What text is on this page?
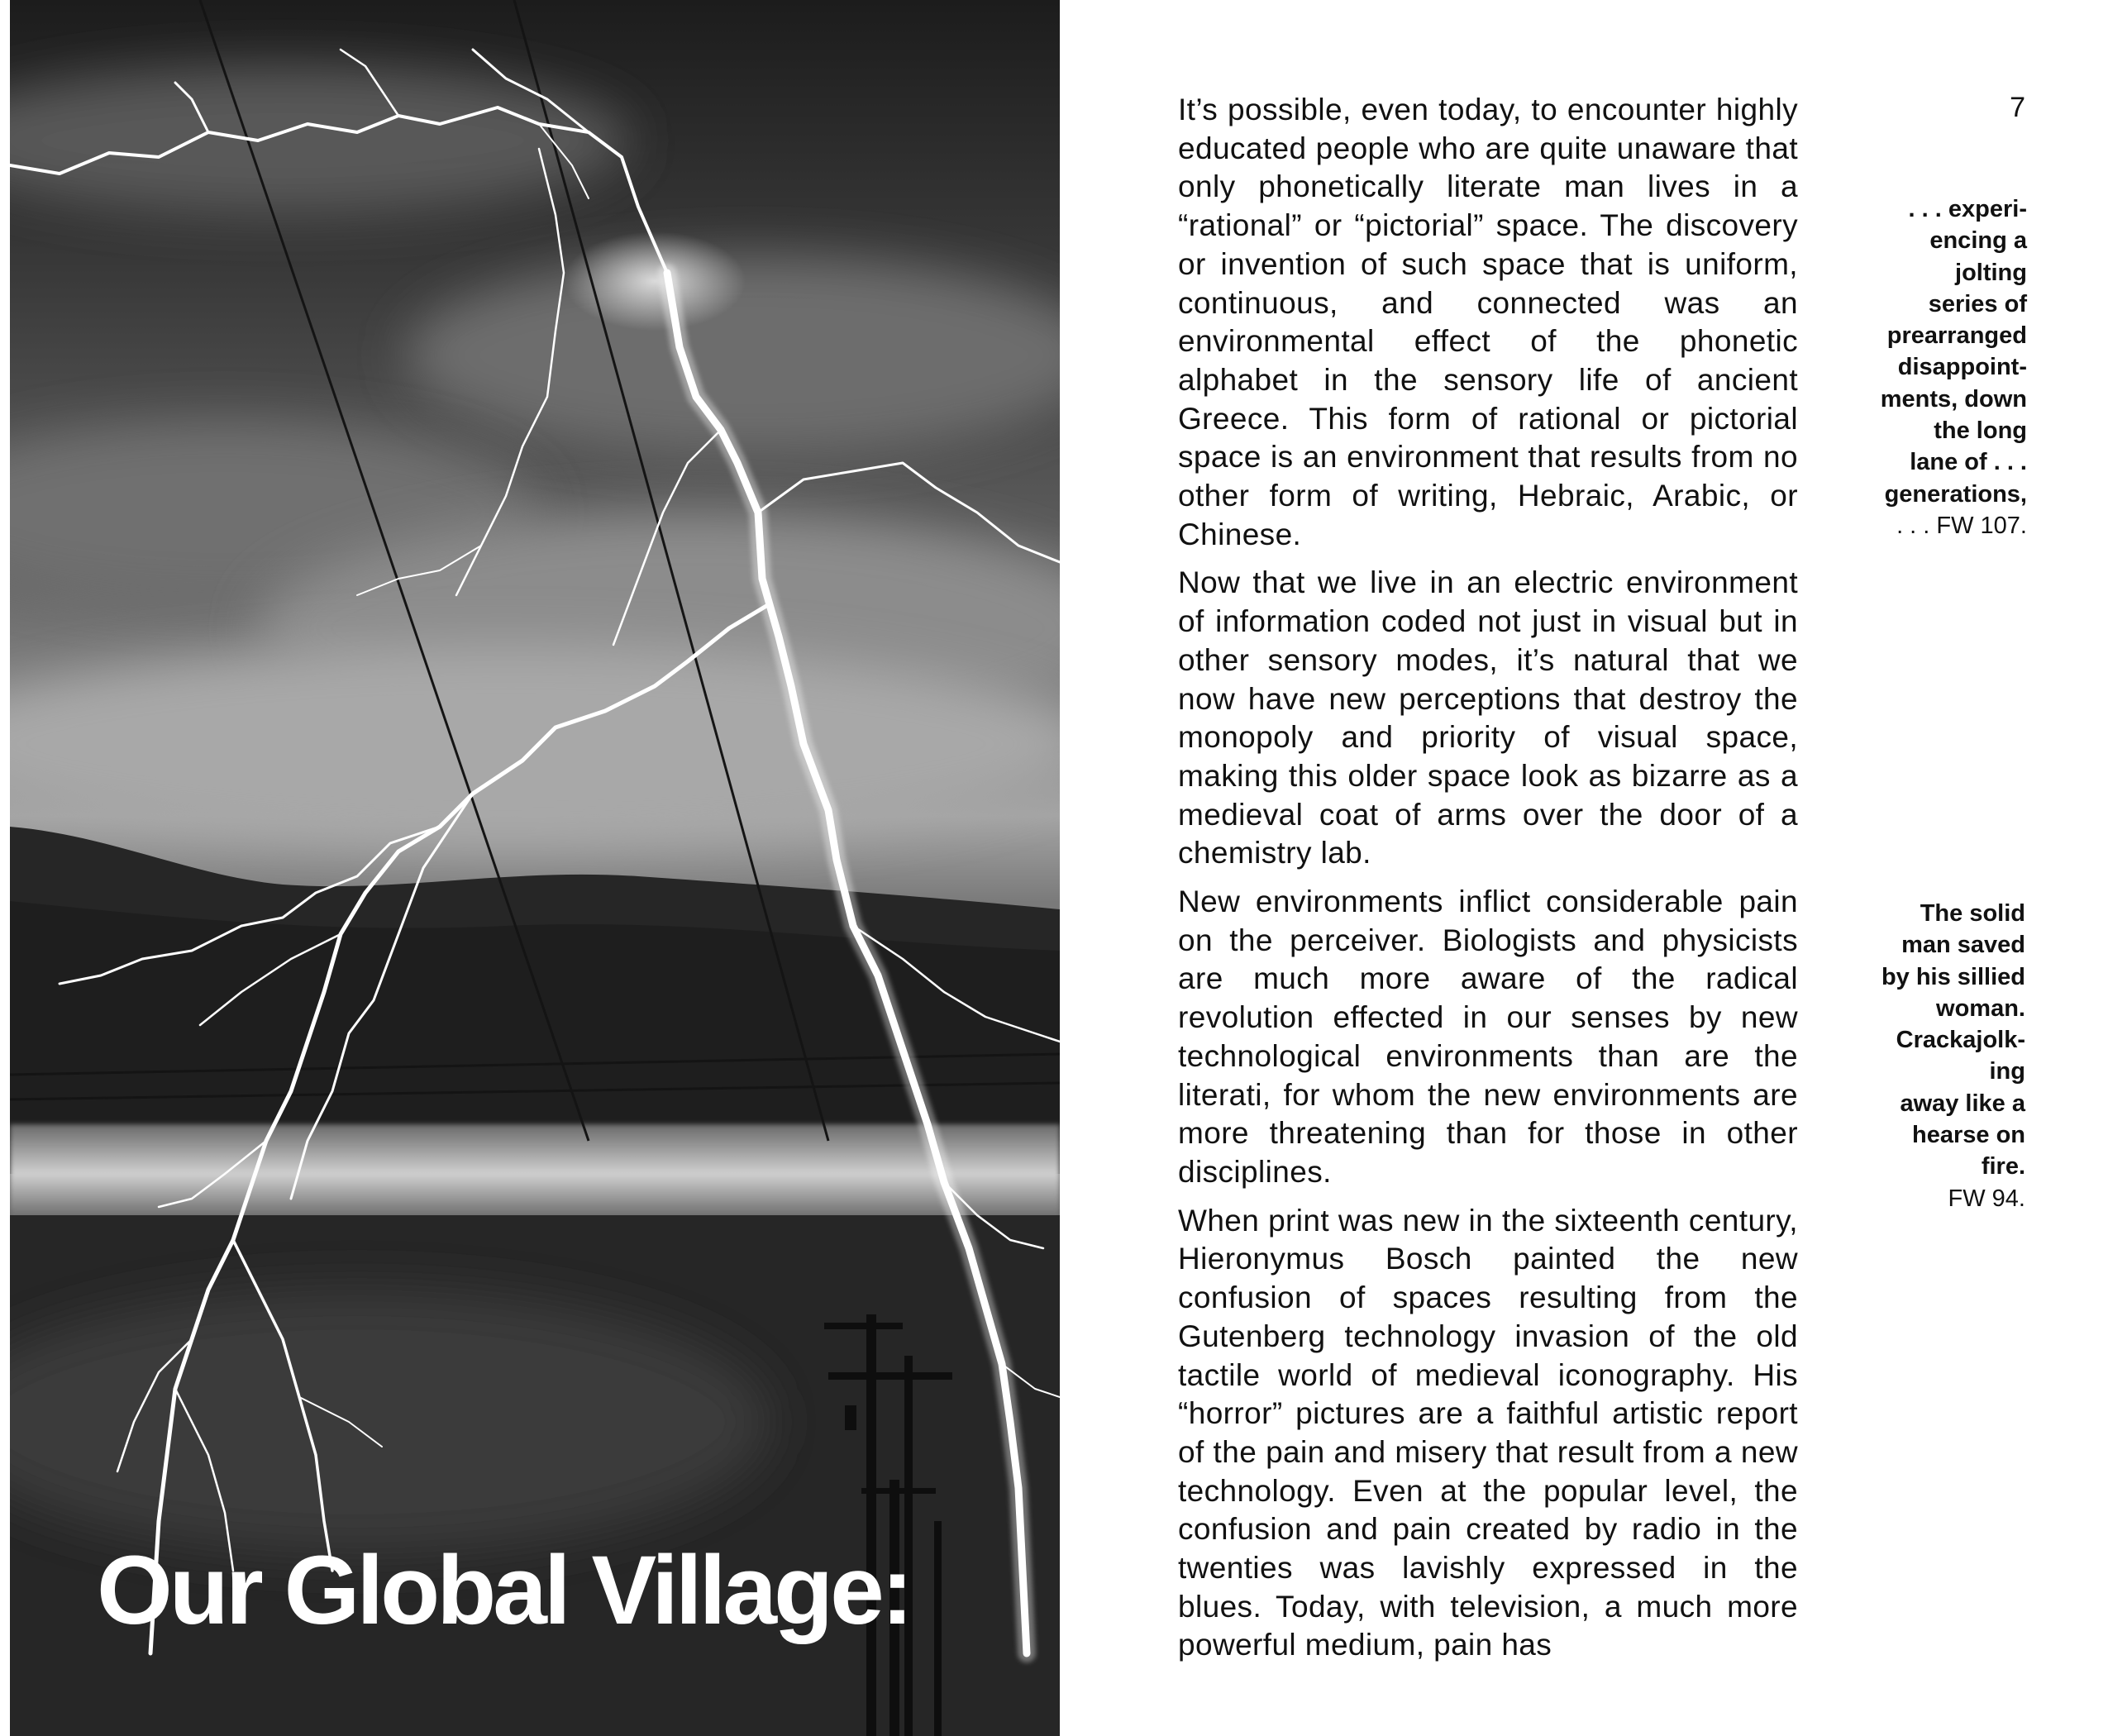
Our Global Village:

It’s possible, even today, to encounter highly educated people who are quite unaware that only phonetically literate man lives in a “rational” or “pictorial” space. The discovery or invention of such space that is uniform, continuous, and connected was an environmental effect of the phonetic alphabet in the sensory life of ancient Greece. This form of rational or pictorial space is an environment that results from no other form of writing, Hebraic, Arabic, or Chinese.

Now that we live in an electric environment of information coded not just in visual but in other sensory modes, it’s natural that we now have new perceptions that destroy the monopoly and priority of visual space, making this older space look as bizarre as a medieval coat of arms over the door of a chemistry lab.

New environments inflict considerable pain on the perceiver. Biologists and physicists are much more aware of the radical revolution effected in our senses by new technological environments than are the literati, for whom the new environments are more threatening than for those in other disciplines.

When print was new in the sixteenth century, Hieronymus Bosch painted the new confusion of spaces resulting from the Gutenberg technology invasion of the old tactile world of medieval iconography. His “horror” pictures are a faithful artistic report of the pain and misery that result from a new technology. Even at the popular level, the confusion and pain created by radio in the twenties was lavishly expressed in the blues. Today, with television, a much more powerful medium, pain has

7
. . . experi-
encing a
jolting
series of
prearranged
disappoint-
ments, down
the long
lane of . . .
generations,
. . . FW 107.
The solid
man saved
by his sillied
woman.
Crackajolk-
ing
away like a
hearse on
fire.
FW 94.
